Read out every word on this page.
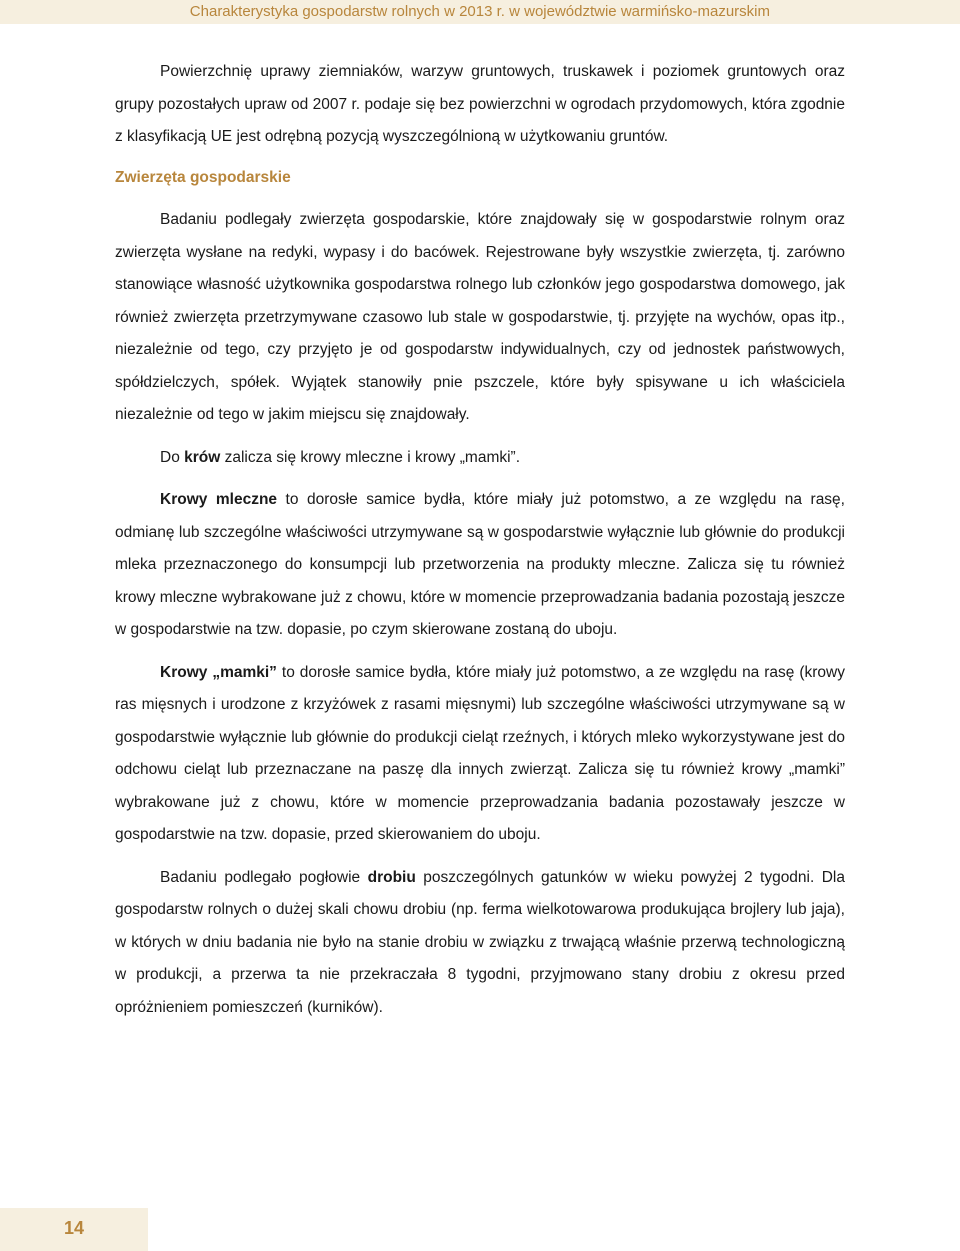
Charakterystyka gospodarstw rolnych w 2013 r. w województwie warmińsko-mazurskim

Powierzchnię uprawy ziemniaków, warzyw gruntowych, truskawek i poziomek gruntowych oraz grupy pozostałych upraw od 2007 r. podaje się bez powierzchni w ogrodach przydomowych, która zgodnie z klasyfikacją UE jest odrębną pozycją wyszczególnioną w użytkowaniu gruntów.

Zwierzęta gospodarskie

Badaniu podlegały zwierzęta gospodarskie, które znajdowały się w gospodarstwie rolnym oraz zwierzęta wysłane na redyki, wypasy i do bacówek. Rejestrowane były wszystkie zwierzęta, tj. zarówno stanowiące własność użytkownika gospodarstwa rolnego lub członków jego gospodarstwa domowego, jak również zwierzęta przetrzymywane czasowo lub stale w gospodarstwie, tj. przyjęte na wychów, opas itp., niezależnie od tego, czy przyjęto je od gospodarstw indywidualnych, czy od jednostek państwowych, spółdzielczych, spółek. Wyjątek stanowiły pnie pszczele, które były spisywane u ich właściciela niezależnie od tego w jakim miejscu się znajdowały.

Do krów zalicza się krowy mleczne i krowy „mamki”.

Krowy mleczne to dorosłe samice bydła, które miały już potomstwo, a ze względu na rasę, odmianę lub szczególne właściwości utrzymywane są w gospodarstwie wyłącznie lub głównie do produkcji mleka przeznaczonego do konsumpcji lub przetworzenia na produkty mleczne. Zalicza się tu również krowy mleczne wybrakowane już z chowu, które w momencie przeprowadzania badania pozostają jeszcze w gospodarstwie na tzw. dopasie, po czym skierowane zostaną do uboju.

Krowy „mamki” to dorosłe samice bydła, które miały już potomstwo, a ze względu na rasę (krowy ras mięsnych i urodzone z krzyżówek z rasami mięsnymi) lub szczególne właściwości utrzymywane są w gospodarstwie wyłącznie lub głównie do produkcji cieląt rzeźnych, i których mleko wykorzystywane jest do odchowu cieląt lub przeznaczane na paszę dla innych zwierząt. Zalicza się tu również krowy „mamki” wybrakowane już z chowu, które w momencie przeprowadzania badania pozostawały jeszcze w gospodarstwie na tzw. dopasie, przed skierowaniem do uboju.

Badaniu podlegało pogłowie drobiu poszczególnych gatunków w wieku powyżej 2 tygodni. Dla gospodarstw rolnych o dużej skali chowu drobiu (np. ferma wielkotowarowa produkująca brojlery lub jaja), w których w dniu badania nie było na stanie drobiu w związku z trwającą właśnie przerwą technologiczną w produkcji, a przerwa ta nie przekraczała 8 tygodni, przyjmowano stany drobiu z okresu przed opróżnieniem pomieszczeń (kurników).

14
